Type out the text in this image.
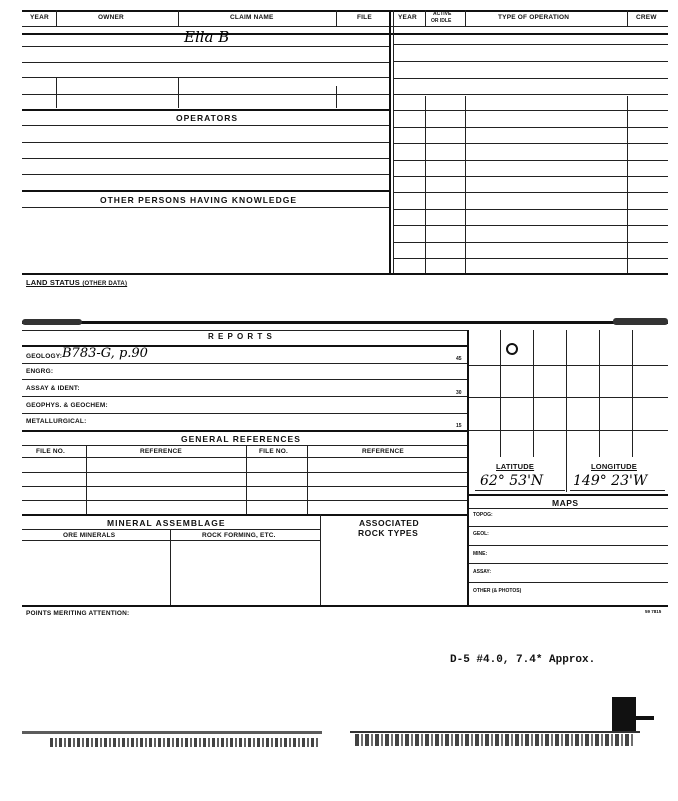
YEAR	OWNER	CLAIM NAME	FILE	YEAR	ACTIVE
OR IDLE	TYPE OF OPERATION	CREW
Ella B
OPERATORS
OTHER PERSONS HAVING KNOWLEDGE
LAND STATUS (OTHER DATA)
R E P O R T S
GEOLOGY: B783-G, p.90	45
ENGRG:
ASSAY & IDENT:
30
GEOPHYS. & GEOCHEM:
METALLURGICAL:
15
GENERAL REFERENCES
FILE NO.	REFERENCE	FILE NO.	REFERENCE
MINERAL ASSEMBLAGE
ORE MINERALS	ROCK FORMING, ETC.
ASSOCIATED
ROCK TYPES
LATITUDE	LONGITUDE
62° 53'N 149° 23'W
MAPS
TOPOG:
GEOL:
MINE:
ASSAY:
OTHER (& PHOTOS)
POINTS MERITING ATTENTION:	59 7815
D-5 #4.0, 7.4* Approx.
